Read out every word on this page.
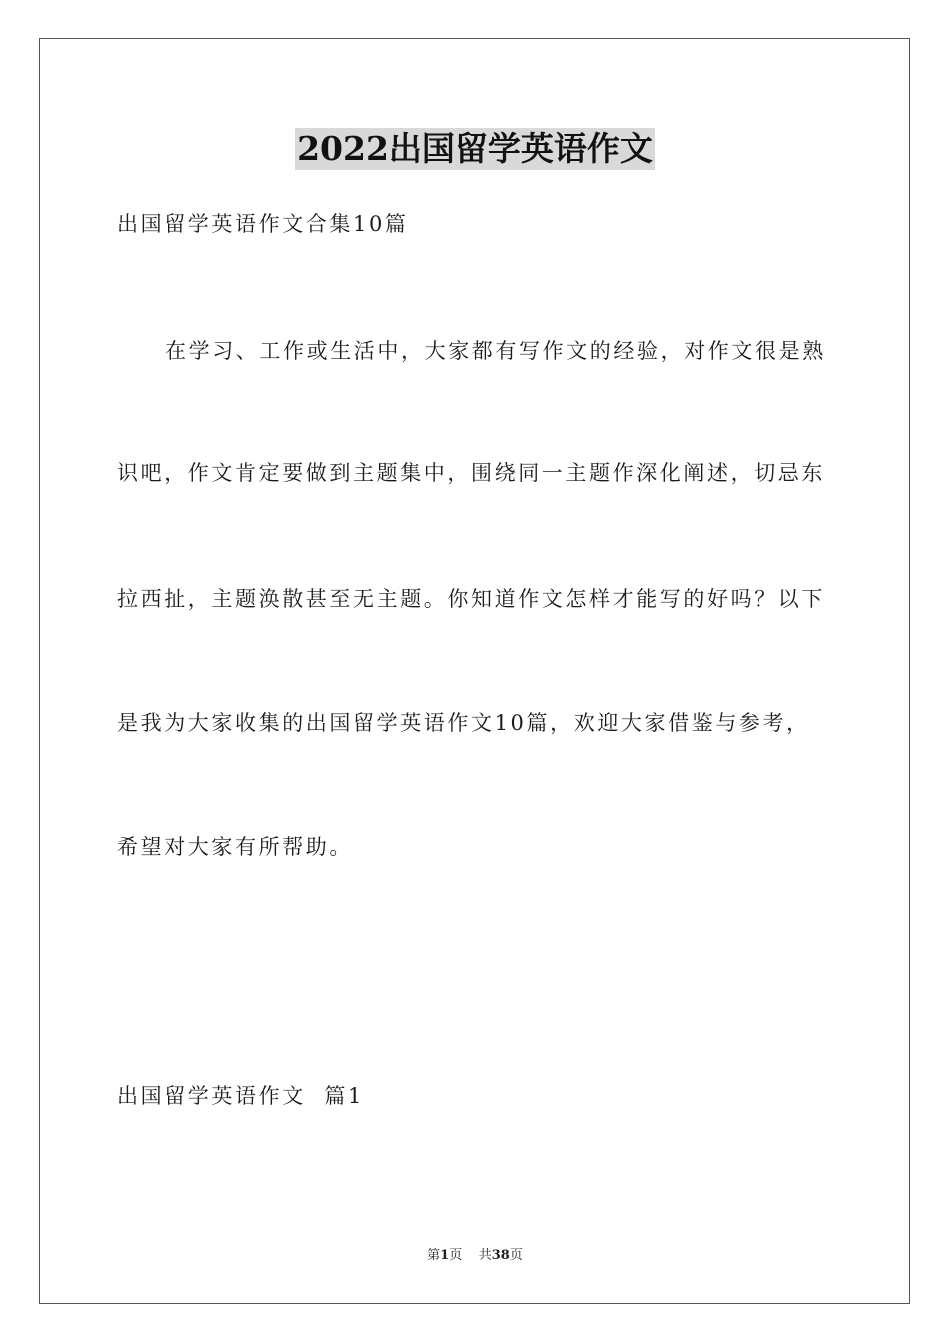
2022出国留学英语作文
出国留学英语作文合集10篇
在学习、工作或生活中，大家都有写作文的经验，对作文很是熟
识吧，作文肯定要做到主题集中，围绕同一主题作深化阐述，切忌东
拉西扯，主题涣散甚至无主题。你知道作文怎样才能写的好吗？以下
是我为大家收集的出国留学英语作文10篇，欢迎大家借鉴与参考，
希望对大家有所帮助。
出国留学英语作文  篇1
第1页 共38页
